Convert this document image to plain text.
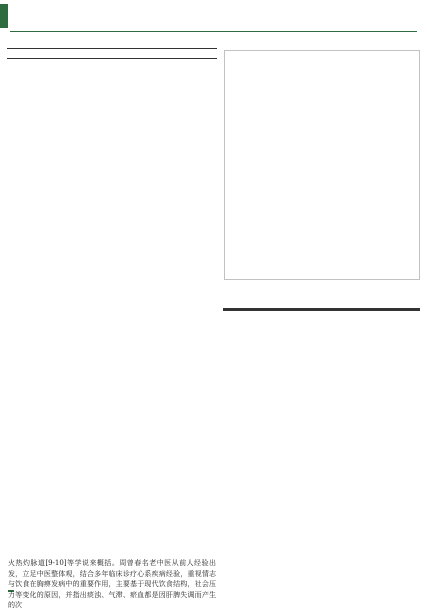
火热灼脉道[9-10]等学说来概括。周曾春名老中医从前人经验出发，立足中医整体观，结合多年临床诊疗心系疾病经验，重视情志与饮食在胸痹发病中的重要作用，主要基于现代饮食结构，社会压力等变化的原因，并指出痰浊、气滞、瘀血都是因肝脾失调而产生的次
